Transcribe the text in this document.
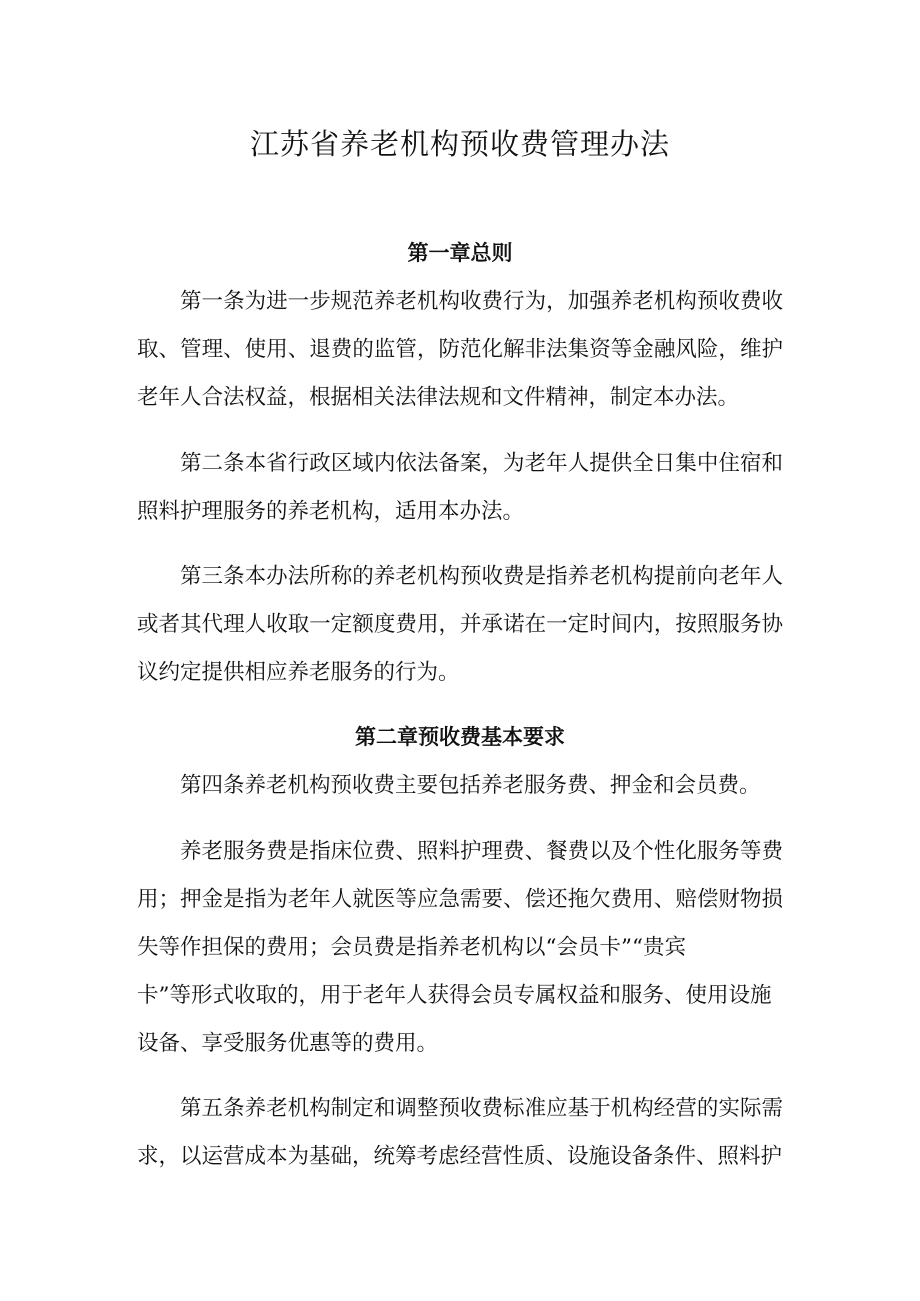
江苏省养老机构预收费管理办法
第一章总则

第一条为进一步规范养老机构收费行为，加强养老机构预收费收取、管理、使用、退费的监管，防范化解非法集资等金融风险，维护老年人合法权益，根据相关法律法规和文件精神，制定本办法。

第二条本省行政区域内依法备案，为老年人提供全日集中住宿和照料护理服务的养老机构，适用本办法。

第三条本办法所称的养老机构预收费是指养老机构提前向老年人或者其代理人收取一定额度费用，并承诺在一定时间内，按照服务协议约定提供相应养老服务的行为。

第二章预收费基本要求

第四条养老机构预收费主要包括养老服务费、押金和会员费。

养老服务费是指床位费、照料护理费、餐费以及个性化服务等费用；押金是指为老年人就医等应急需要、偿还拖欠费用、赔偿财物损失等作担保的费用；会员费是指养老机构以“会员卡”“贵宾

卡”等形式收取的，用于老年人获得会员专属权益和服务、使用设施设备、享受服务优惠等的费用。

第五条养老机构制定和调整预收费标准应基于机构经营的实际需求，以运营成本为基础，统筹考虑经营性质、设施设备条件、照料护
